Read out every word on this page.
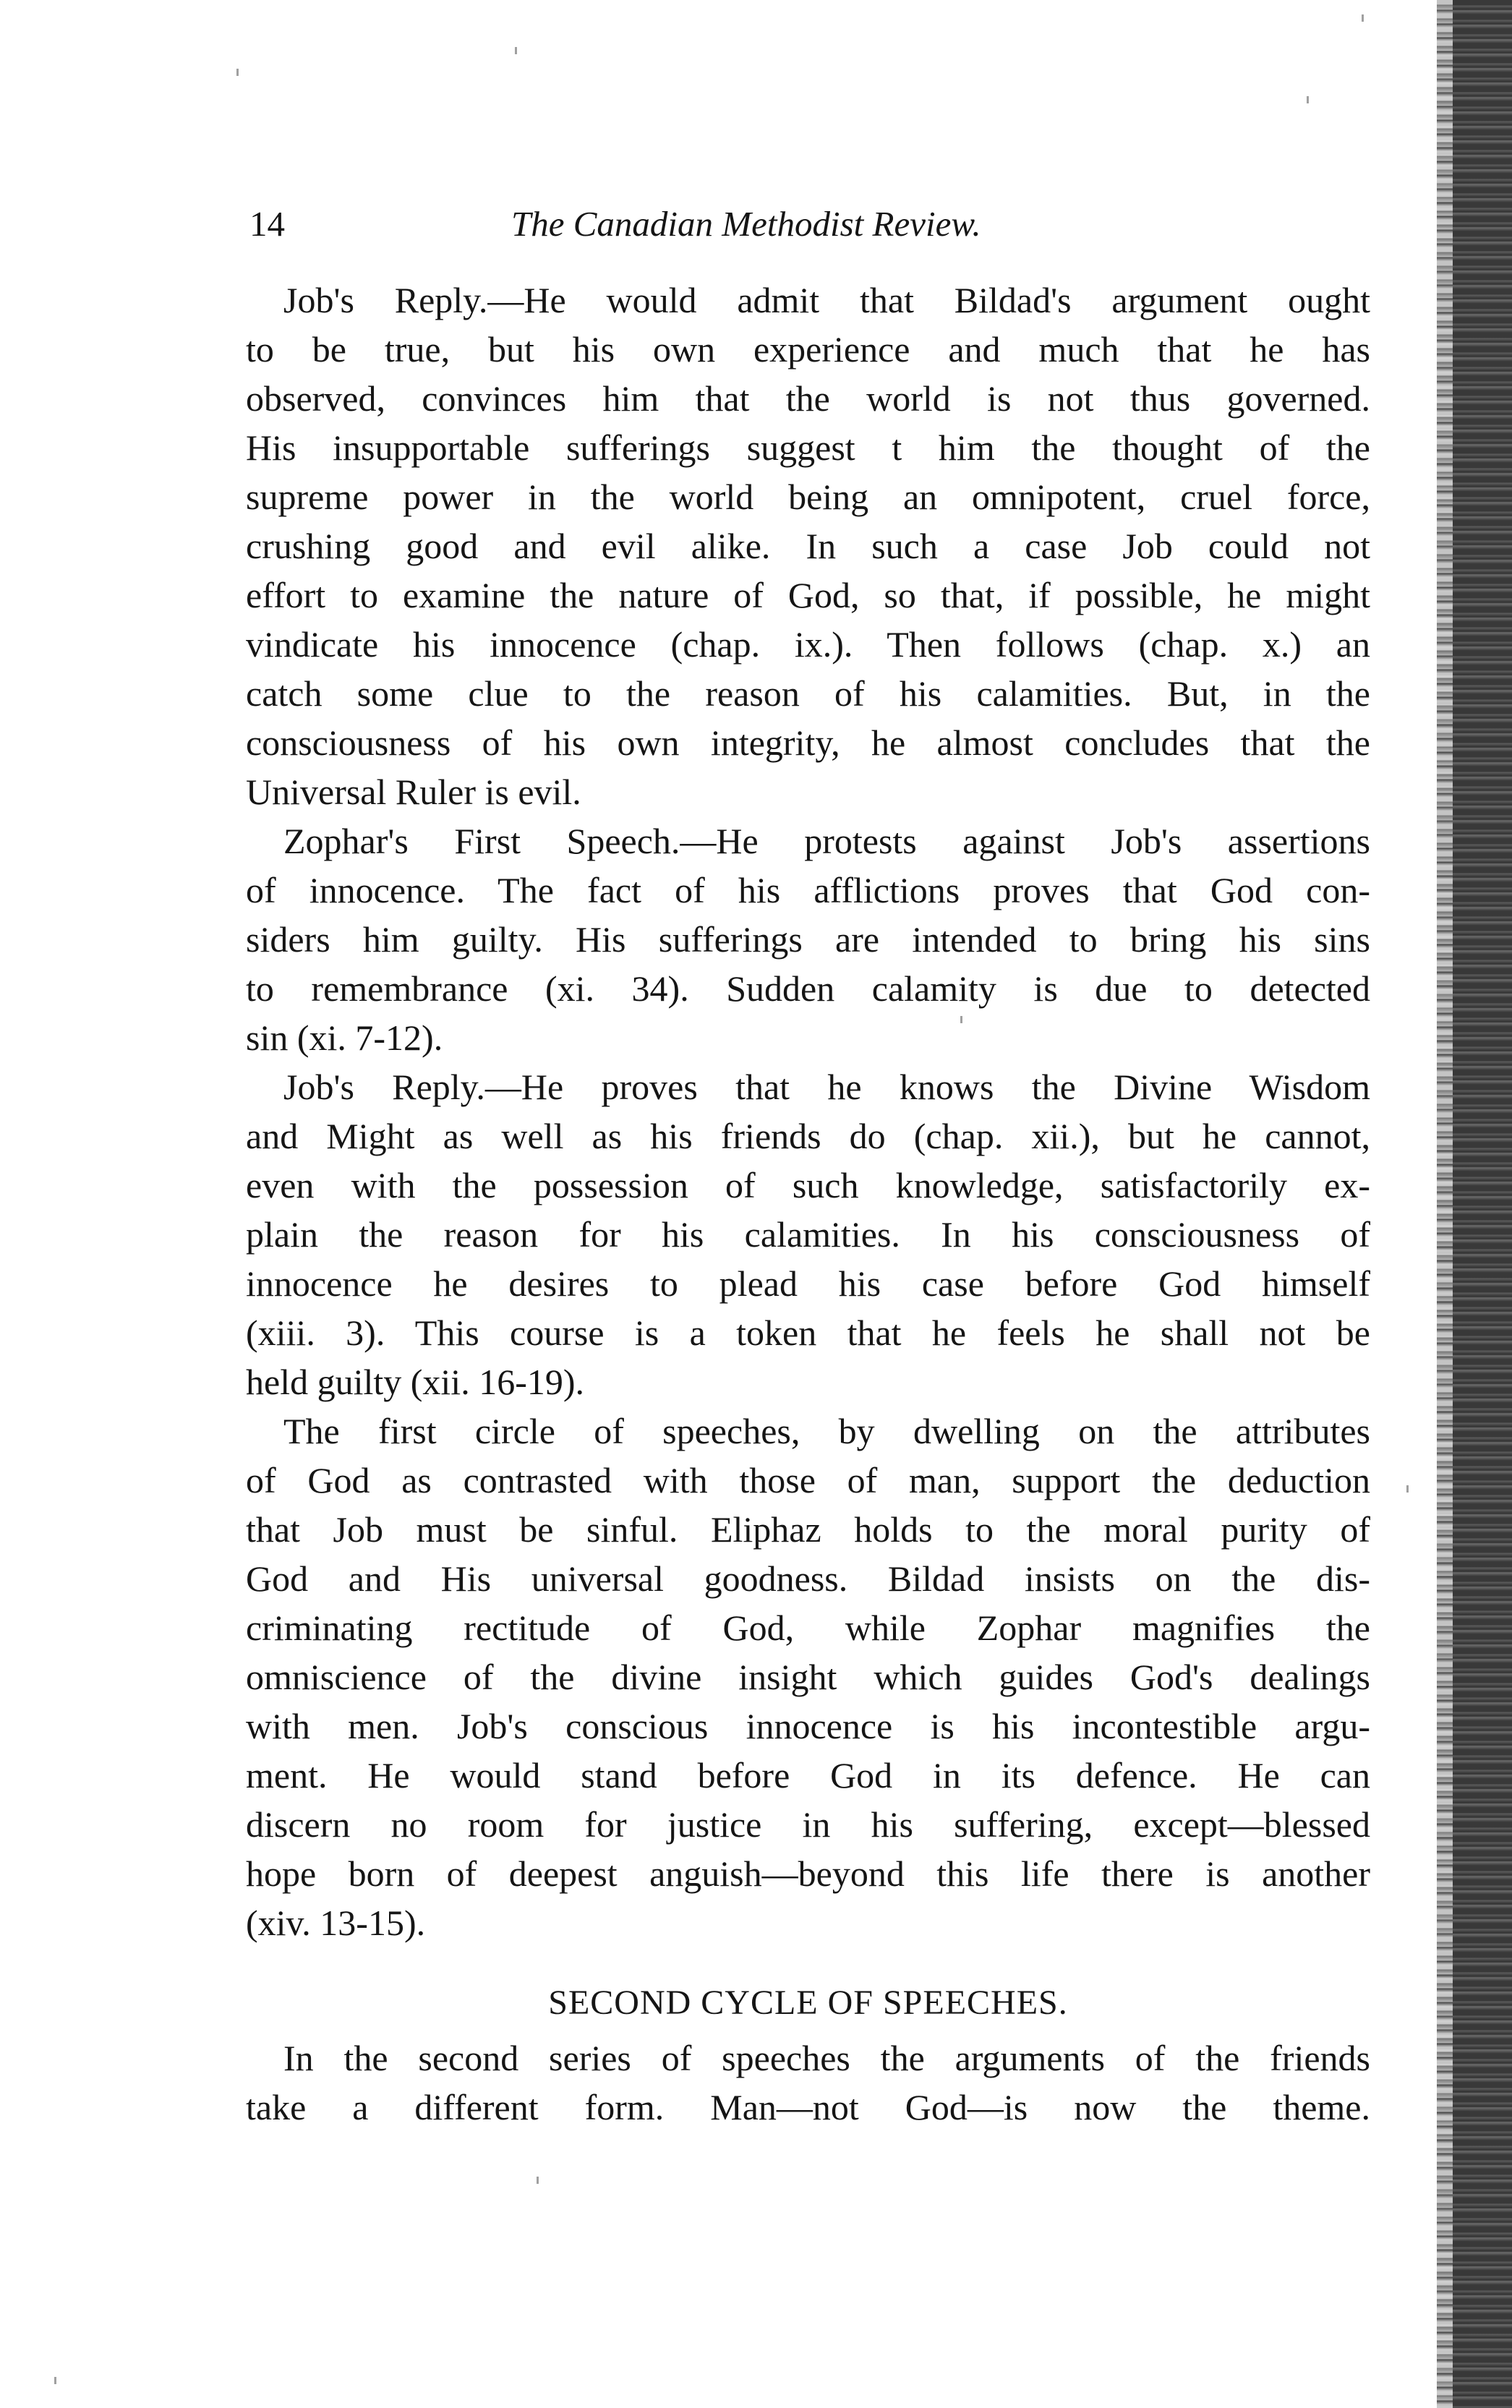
14	The Canadian Methodist Review.
Job's Reply.—He would admit that Bildad's argument ought
to be true, but his own experience and much that he has
observed, convinces him that the world is not thus governed.
His insupportable sufferings suggest t him the thought of the
supreme power in the world being an omnipotent, cruel force,
crushing good and evil alike. In such a case Job could not
effort to examine the nature of God, so that, if possible, he might
vindicate his innocence (chap. ix.). Then follows (chap. x.) an
catch some clue to the reason of his calamities. But, in the
consciousness of his own integrity, he almost concludes that the
Universal Ruler is evil.
Zophar's First Speech.—He protests against Job's assertions
of innocence. The fact of his afflictions proves that God con-
siders him guilty. His sufferings are intended to bring his sins
to remembrance (xi. 34). Sudden calamity is due to detected
sin (xi. 7-12).
Job's Reply.—He proves that he knows the Divine Wisdom
and Might as well as his friends do (chap. xii.), but he cannot,
even with the possession of such knowledge, satisfactorily ex-
plain the reason for his calamities. In his consciousness of
innocence he desires to plead his case before God himself
(xiii. 3). This course is a token that he feels he shall not be
held guilty (xii. 16-19).
The first circle of speeches, by dwelling on the attributes
of God as contrasted with those of man, support the deduction
that Job must be sinful. Eliphaz holds to the moral purity of
God and His universal goodness. Bildad insists on the dis-
criminating rectitude of God, while Zophar magnifies the
omniscience of the divine insight which guides God's dealings
with men. Job's conscious innocence is his incontestible argu-
ment. He would stand before God in its defence. He can
discern no room for justice in his suffering, except—blessed
hope born of deepest anguish—beyond this life there is another
(xiv. 13-15).
SECOND CYCLE OF SPEECHES.
In the second series of speeches the arguments of the friends
take a different form. Man—not God—is now the theme.
